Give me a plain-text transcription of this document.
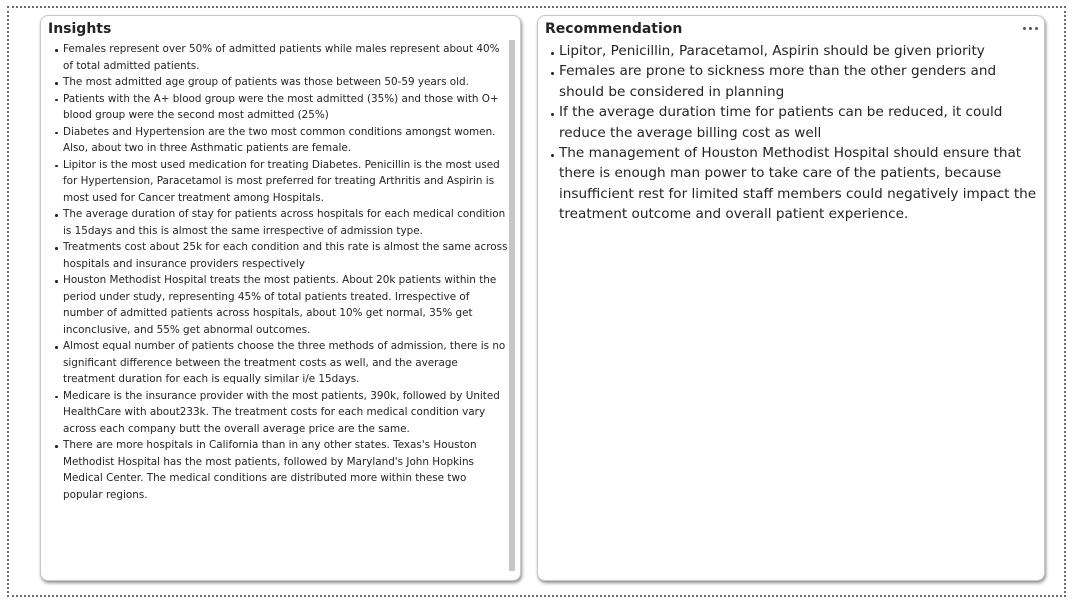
Insights
Females represent over 50% of admitted patients while males represent about 40% of total admitted patients.
The most admitted age group of patients was those between 50-59 years old.
Patients with the A+ blood group were the most admitted (35%) and those with O+ blood group were the second most admitted (25%)
Diabetes and Hypertension are the two most common conditions amongst women. Also, about two in three Asthmatic patients are female.
Lipitor is the most used medication for treating Diabetes. Penicillin is the most used for Hypertension, Paracetamol is most preferred for treating Arthritis and Aspirin is most used for Cancer treatment among Hospitals.
The average duration of stay for patients across hospitals for each medical condition is 15days and this is almost the same irrespective of admission type.
Treatments cost about 25k for each condition and this rate is almost the same across hospitals and insurance providers respectively
Houston Methodist Hospital treats the most patients. About 20k patients within the period under study, representing 45% of total patients treated. Irrespective of number of admitted patients across hospitals, about 10% get normal, 35% get inconclusive, and 55% get abnormal outcomes.
Almost equal number of patients choose the three methods of admission, there is no significant difference between the treatment costs as well, and the average treatment duration for each is equally similar i/e 15days.
Medicare is the insurance provider with the most patients, 390k, followed by United HealthCare with about233k. The treatment costs for each medical condition vary across each company butt the overall average price are the same.
There are more hospitals in California than in any other states. Texas's Houston Methodist Hospital has the most patients, followed by Maryland's John Hopkins Medical Center. The medical conditions are distributed more within these two popular regions.
Recommendation
Lipitor, Penicillin, Paracetamol, Aspirin should be given priority
Females are prone to sickness more than the other genders and should be considered in planning
If the average duration time for patients can be reduced, it could reduce the average billing cost as well
The management of Houston Methodist Hospital should ensure that there is enough man power to take care of the patients, because insufficient rest for limited staff members could negatively impact the treatment outcome and overall patient experience.
